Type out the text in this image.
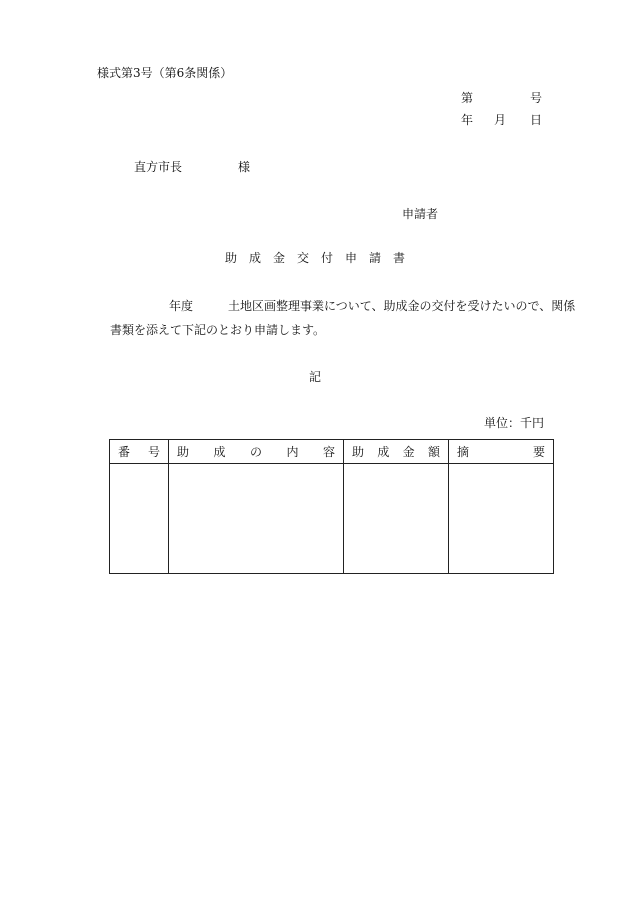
様式第3号（第6条関係）
第	号
年 月 日
直方市長	様
申請者
助成金交付申請書
年度	土地区画整理事業について、助成金の交付を受けたいので、関係
書類を添えて下記のとおり申請します。
記
単位：千円
番 号	助 成 の 内 容	助 成 金 額	摘 要
